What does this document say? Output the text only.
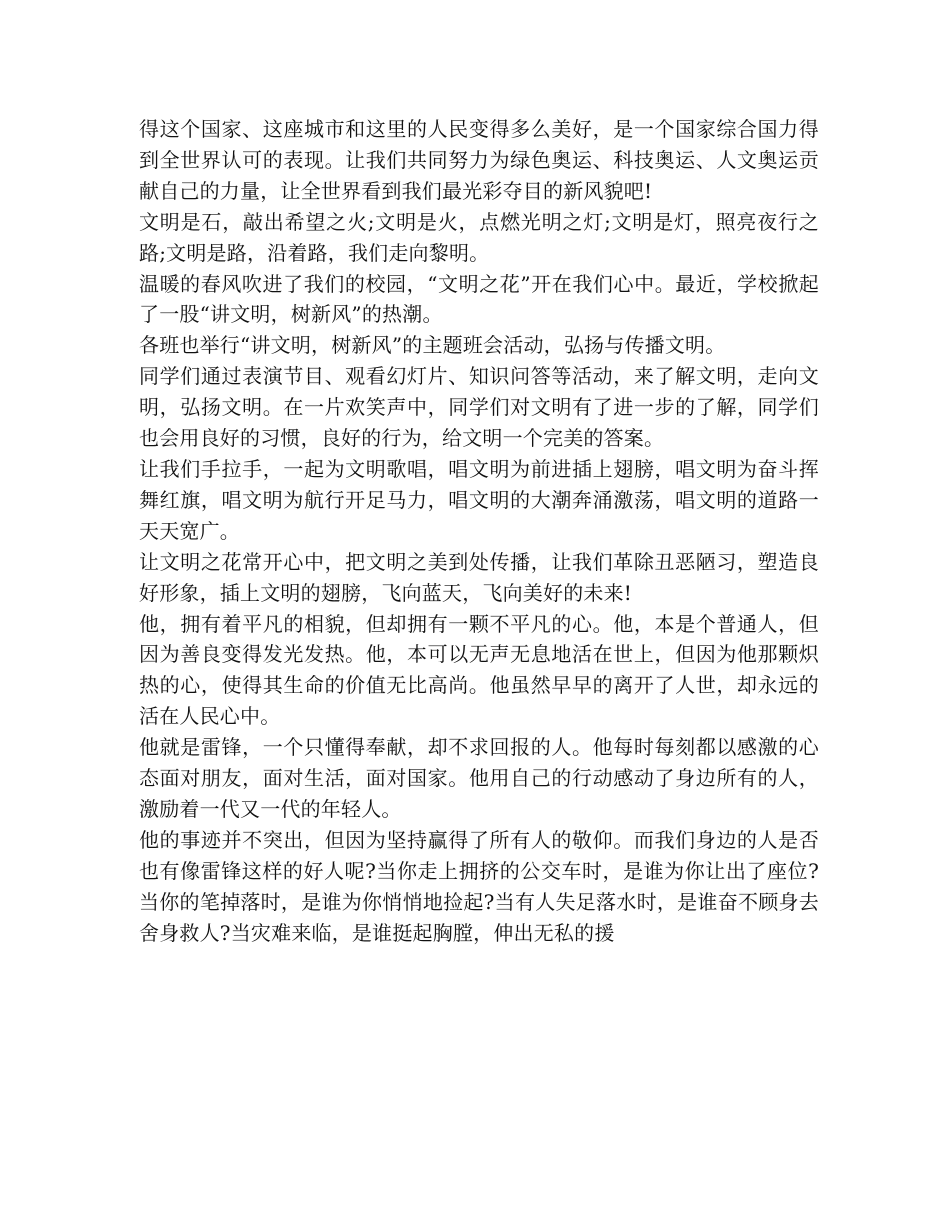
得这个国家、这座城市和这里的人民变得多么美好，是一个国家综合国力得到全世界认可的表现。让我们共同努力为绿色奥运、科技奥运、人文奥运贡献自己的力量，让全世界看到我们最光彩夺目的新风貌吧!

文明是石，敲出希望之火;文明是火，点燃光明之灯;文明是灯，照亮夜行之路;文明是路，沿着路，我们走向黎明。

温暖的春风吹进了我们的校园，“文明之花”开在我们心中。最近，学校掀起了一股“讲文明，树新风”的热潮。

各班也举行“讲文明，树新风”的主题班会活动，弘扬与传播文明。

同学们通过表演节目、观看幻灯片、知识问答等活动，来了解文明，走向文明，弘扬文明。在一片欢笑声中，同学们对文明有了进一步的了解，同学们也会用良好的习惯，良好的行为，给文明一个完美的答案。

让我们手拉手，一起为文明歌唱，唱文明为前进插上翅膀，唱文明为奋斗挥舞红旗，唱文明为航行开足马力，唱文明的大潮奔涌激荡，唱文明的道路一天天宽广。

让文明之花常开心中，把文明之美到处传播，让我们革除丑恶陋习，塑造良好形象，插上文明的翅膀，飞向蓝天，飞向美好的未来!

他，拥有着平凡的相貌，但却拥有一颗不平凡的心。他，本是个普通人，但因为善良变得发光发热。他，本可以无声无息地活在世上，但因为他那颗炽热的心，使得其生命的价值无比高尚。他虽然早早的离开了人世，却永远的活在人民心中。

他就是雷锋，一个只懂得奉献，却不求回报的人。他每时每刻都以感激的心态面对朋友，面对生活，面对国家。他用自己的行动感动了身边所有的人，激励着一代又一代的年轻人。

他的事迹并不突出，但因为坚持赢得了所有人的敬仰。而我们身边的人是否也有像雷锋这样的好人呢?当你走上拥挤的公交车时，是谁为你让出了座位?当你的笔掉落时，是谁为你悄悄地捡起?当有人失足落水时，是谁奋不顾身去舍身救人?当灾难来临，是谁挺起胸膛，伸出无私的援
